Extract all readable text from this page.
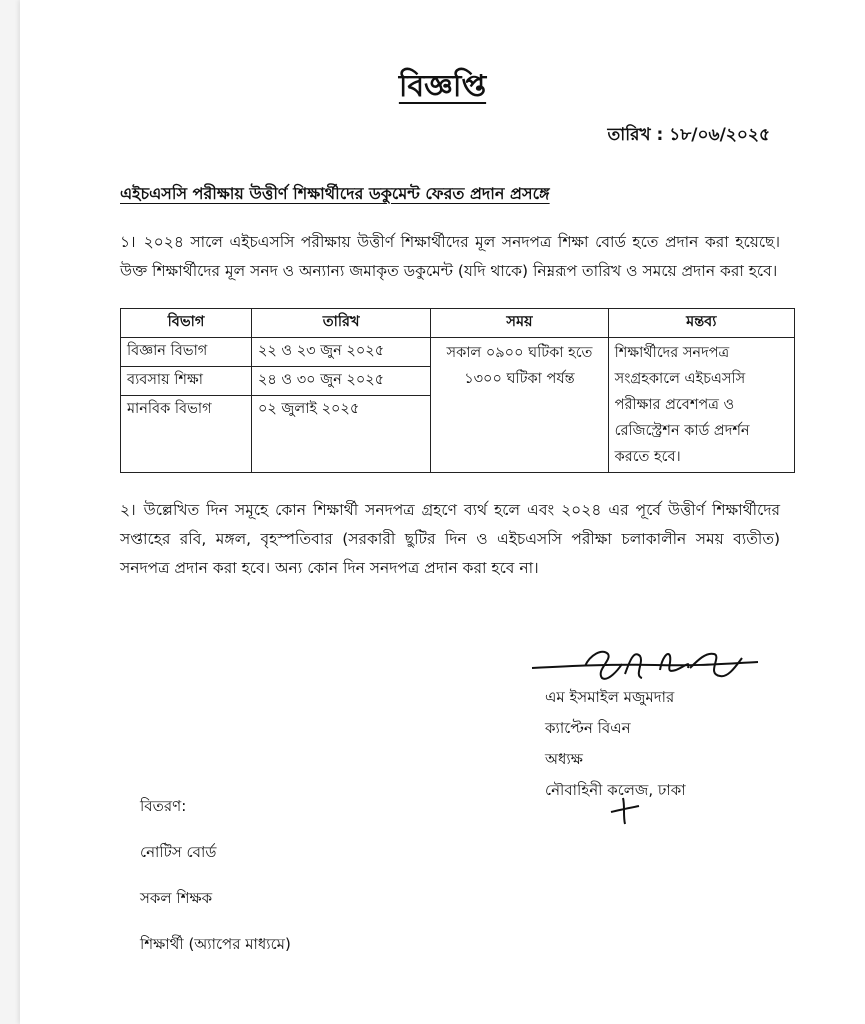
বিজ্ঞপ্তি
তারিখ : ১৮/০৬/২০২৫
এইচএসসি পরীক্ষায় উত্তীর্ণ শিক্ষার্থীদের ডকুমেন্ট ফেরত প্রদান প্রসঙ্গে
১। ২০২৪ সালে এইচএসসি পরীক্ষায় উত্তীর্ণ শিক্ষার্থীদের মূল সনদপত্র শিক্ষা বোর্ড হতে প্রদান করা হয়েছে। উক্ত শিক্ষার্থীদের মূল সনদ ও অন্যান্য জমাকৃত ডকুমেন্ট (যদি থাকে) নিম্নরূপ তারিখ ও সময়ে প্রদান করা হবে।
বিভাগ	তারিখ	সময়	মন্তব্য
বিজ্ঞান বিভাগ	২২ ও ২৩ জুন ২০২৫	সকাল ০৯০০ ঘটিকা হতে ১৩০০ ঘটিকা পর্যন্ত	শিক্ষার্থীদের সনদপত্র সংগ্রহকালে এইচএসসি পরীক্ষার প্রবেশপত্র ও রেজিস্ট্রেশন কার্ড প্রদর্শন করতে হবে।
ব্যবসায় শিক্ষা	২৪ ও ৩০ জুন ২০২৫		
মানবিক বিভাগ	০২ জুলাই ২০২৫		
২। উল্লেখিত দিন সমূহে কোন শিক্ষার্থী সনদপত্র গ্রহণে ব্যর্থ হলে এবং ২০২৪ এর পূর্বে উত্তীর্ণ শিক্ষার্থীদের সপ্তাহের রবি, মঙ্গল, বৃহস্পতিবার (সরকারী ছুটির দিন ও এইচএসসি পরীক্ষা চলাকালীন সময় ব্যতীত) সনদপত্র প্রদান করা হবে। অন্য কোন দিন সনদপত্র প্রদান করা হবে না।
এম ইসমাইল মজুমদার
ক্যাপ্টেন বিএন
অধ্যক্ষ
নৌবাহিনী কলেজ, ঢাকা
বিতরণ:
নোটিস বোর্ড
সকল শিক্ষক
শিক্ষার্থী (অ্যাপের মাধ্যমে)
